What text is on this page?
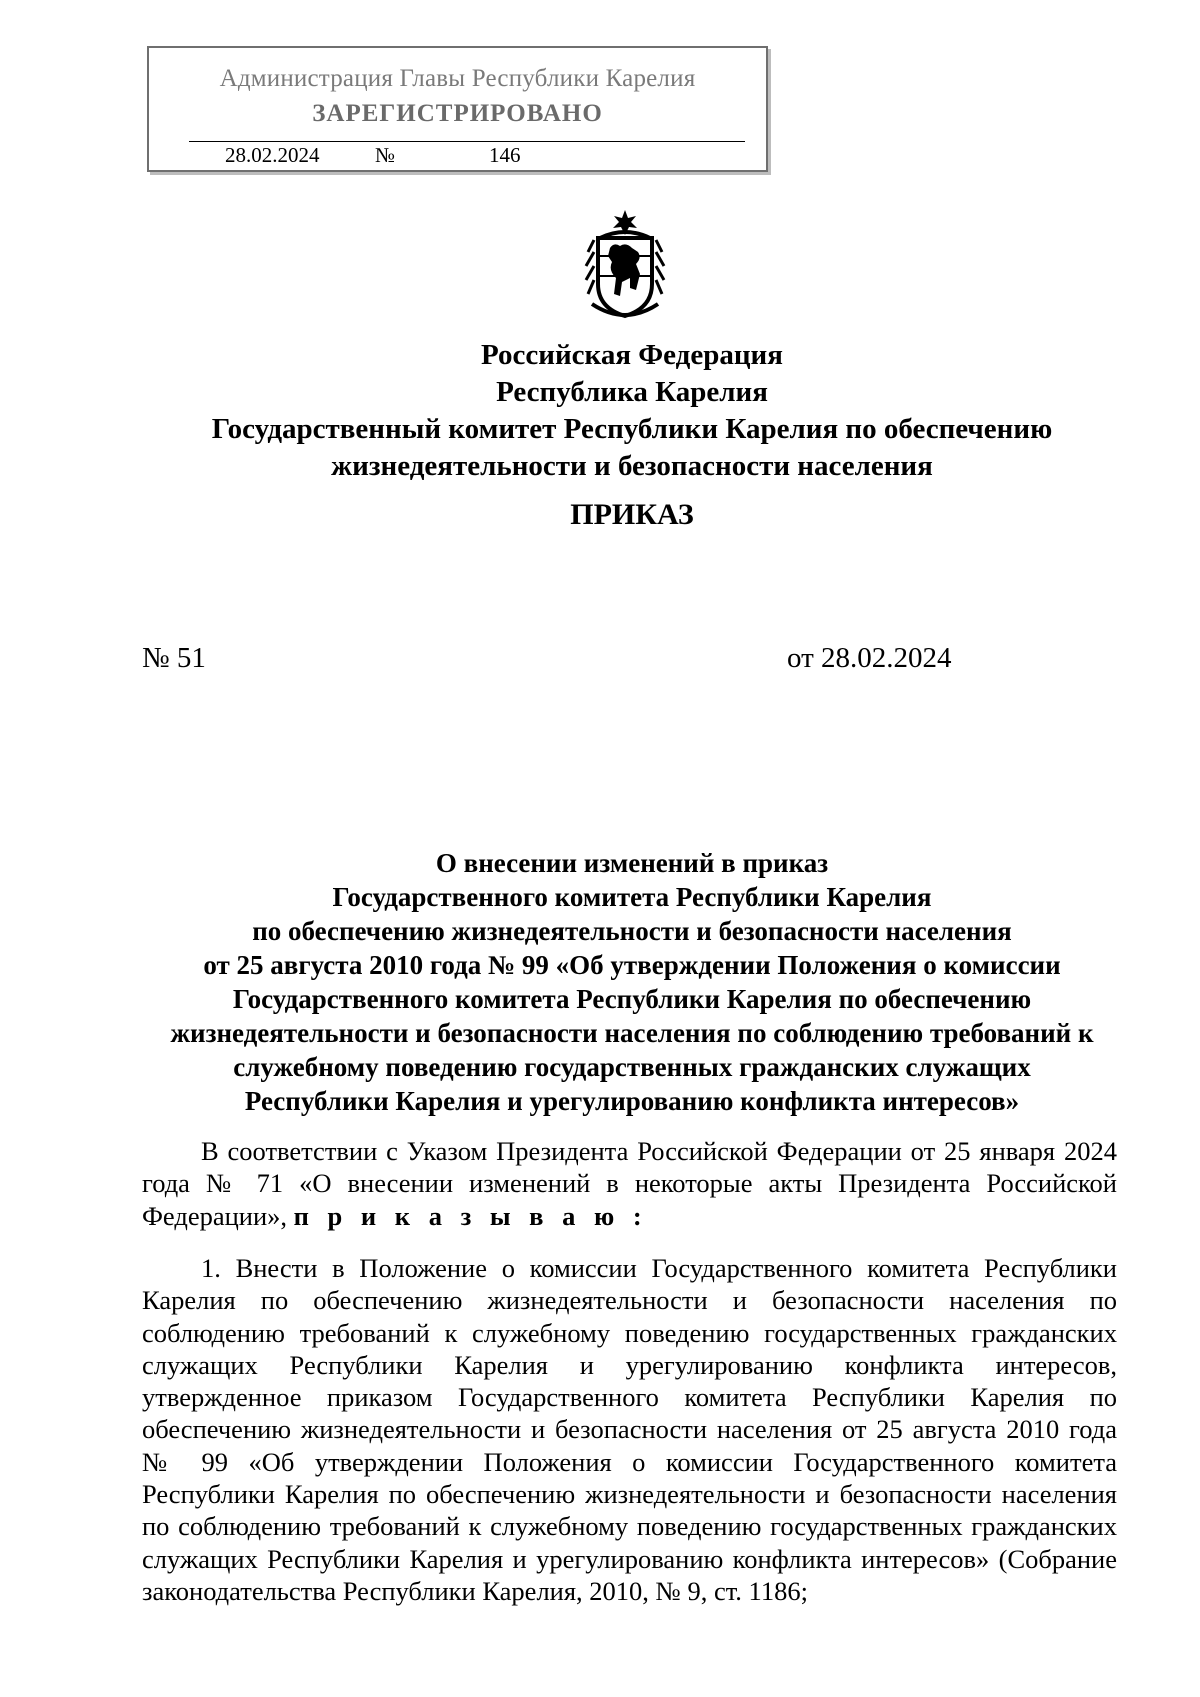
Администрация Главы Республики Карелия
ЗАРЕГИСТРИРОВАНО
28.02.2024	№	146
Российская Федерация
Республика Карелия
Государственный комитет Республики Карелия по обеспечению жизнедеятельности и безопасности населения
ПРИКАЗ
№ 51	от 28.02.2024
О внесении изменений в приказ
Государственного комитета Республики Карелия
по обеспечению жизнедеятельности и безопасности населения
от 25 августа 2010 года № 99 «Об утверждении Положения о комиссии
Государственного комитета Республики Карелия по обеспечению
жизнедеятельности и безопасности населения по соблюдению требований к
служебному поведению государственных гражданских служащих
Республики Карелия и урегулированию конфликта интересов»
В соответствии с Указом Президента Российской Федерации от 25 января 2024 года № 71 «О внесении изменений в некоторые акты Президента Российской Федерации», п р и к а з ы в а ю :
1. Внести в Положение о комиссии Государственного комитета Республики Карелия по обеспечению жизнедеятельности и безопасности населения по соблюдению требований к служебному поведению государственных гражданских служащих Республики Карелия и урегулированию конфликта интересов, утвержденное приказом Государственного комитета Республики Карелия по обеспечению жизнедеятельности и безопасности населения от 25 августа 2010 года № 99 «Об утверждении Положения о комиссии Государственного комитета Республики Карелия по обеспечению жизнедеятельности и безопасности населения по соблюдению требований к служебному поведению государственных гражданских служащих Республики Карелия и урегулированию конфликта интересов» (Собрание законодательства Республики Карелия, 2010, № 9, ст. 1186;
